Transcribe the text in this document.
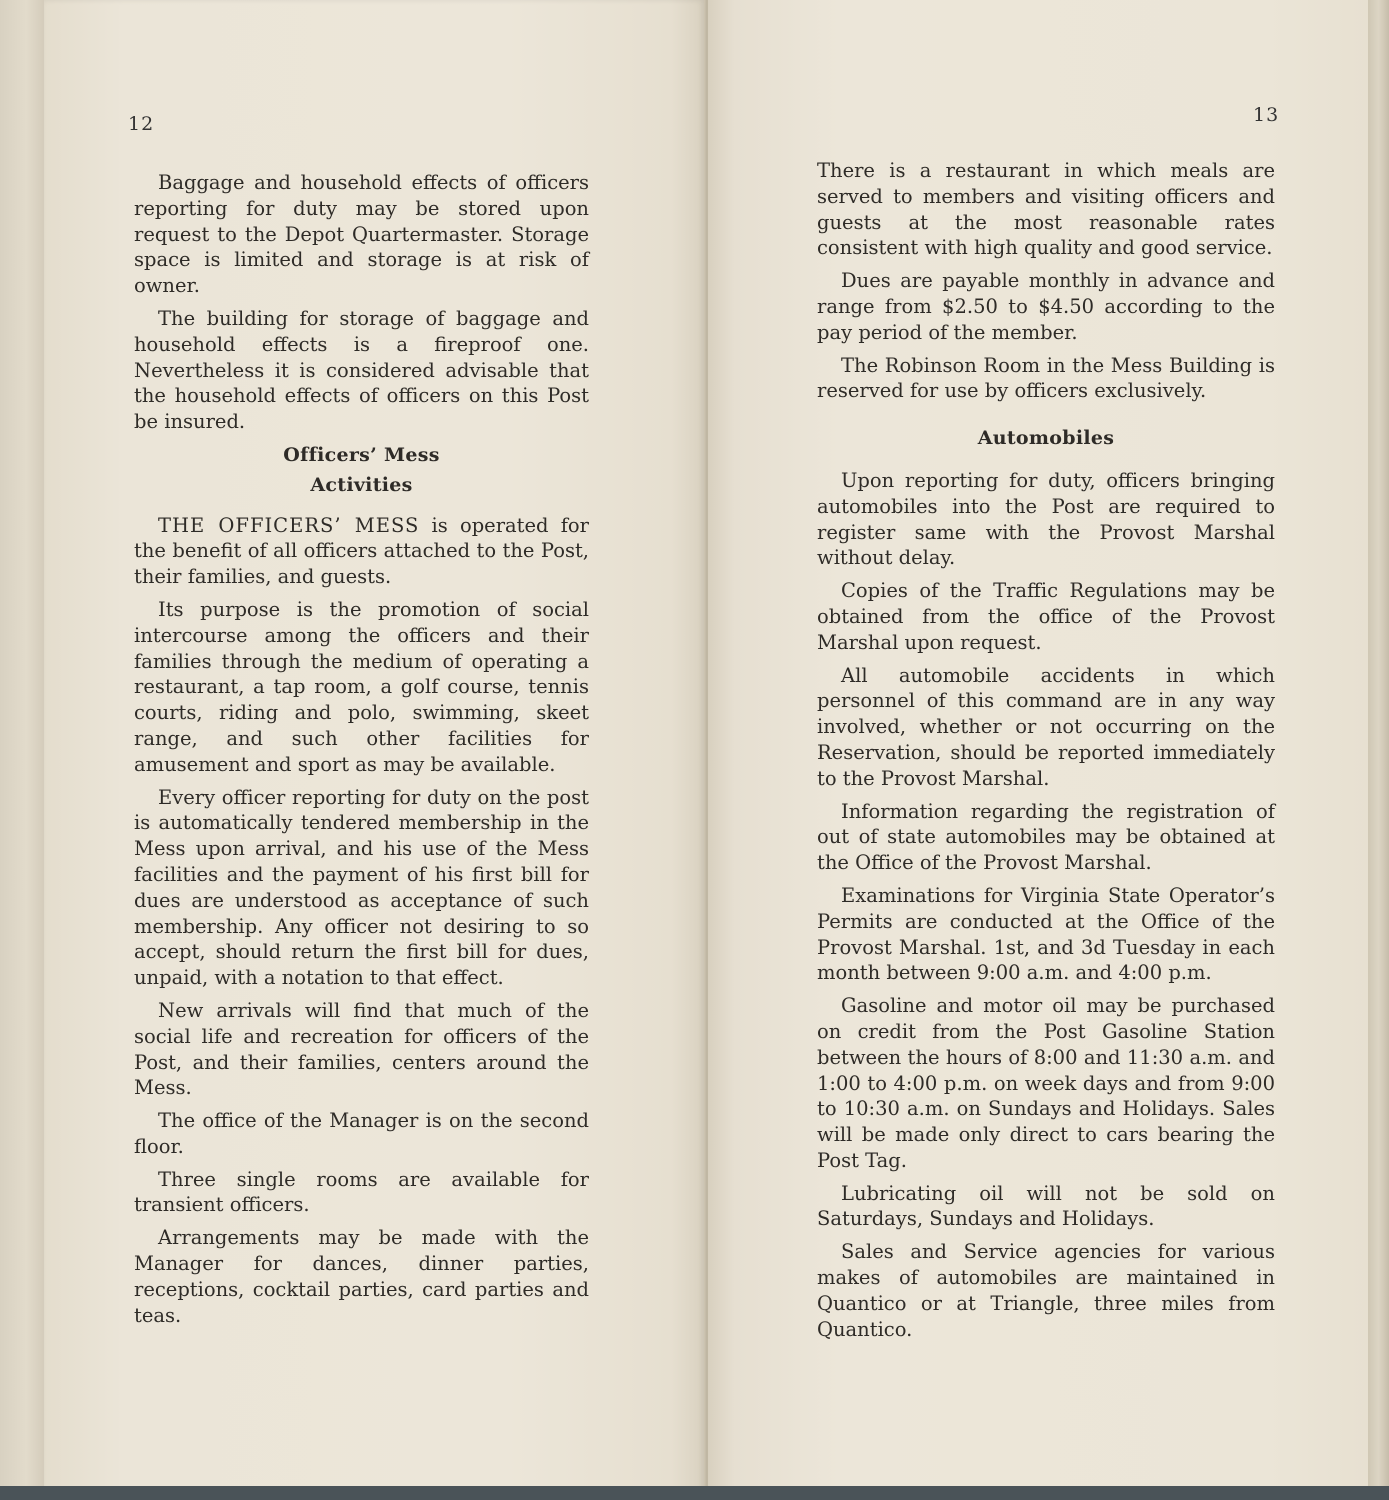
12

Baggage and household effects of officers reporting for duty may be stored upon request to the Depot Quartermaster. Storage space is limited and storage is at risk of owner.

The building for storage of baggage and household effects is a fireproof one. Nevertheless it is considered advisable that the household effects of officers on this Post be insured.

Officers’ Mess
Activities

THE OFFICERS’ MESS is operated for the benefit of all officers attached to the Post, their families, and guests.

Its purpose is the promotion of social intercourse among the officers and their families through the medium of operating a restaurant, a tap room, a golf course, tennis courts, riding and polo, swimming, skeet range, and such other facilities for amusement and sport as may be available.

Every officer reporting for duty on the post is automatically tendered membership in the Mess upon arrival, and his use of the Mess facilities and the payment of his first bill for dues are understood as acceptance of such membership. Any officer not desiring to so accept, should return the first bill for dues, unpaid, with a notation to that effect.

New arrivals will find that much of the social life and recreation for officers of the Post, and their families, centers around the Mess.

The office of the Manager is on the second floor.

Three single rooms are available for transient officers.

Arrangements may be made with the Manager for dances, dinner parties, receptions, cocktail parties, card parties and teas.

13

There is a restaurant in which meals are served to members and visiting officers and guests at the most reasonable rates consistent with high quality and good service.

Dues are payable monthly in advance and range from $2.50 to $4.50 according to the pay period of the member.

The Robinson Room in the Mess Building is reserved for use by officers exclusively.

Automobiles

Upon reporting for duty, officers bringing automobiles into the Post are required to register same with the Provost Marshal without delay.

Copies of the Traffic Regulations may be obtained from the office of the Provost Marshal upon request.

All automobile accidents in which personnel of this command are in any way involved, whether or not occurring on the Reservation, should be reported immediately to the Provost Marshal.

Information regarding the registration of out of state automobiles may be obtained at the Office of the Provost Marshal.

Examinations for Virginia State Operator’s Permits are conducted at the Office of the Provost Marshal. 1st, and 3d Tuesday in each month between 9:00 a.m. and 4:00 p.m.

Gasoline and motor oil may be purchased on credit from the Post Gasoline Station between the hours of 8:00 and 11:30 a.m. and 1:00 to 4:00 p.m. on week days and from 9:00 to 10:30 a.m. on Sundays and Holidays. Sales will be made only direct to cars bearing the Post Tag.

Lubricating oil will not be sold on Saturdays, Sundays and Holidays.

Sales and Service agencies for various makes of automobiles are maintained in Quantico or at Triangle, three miles from Quantico.
